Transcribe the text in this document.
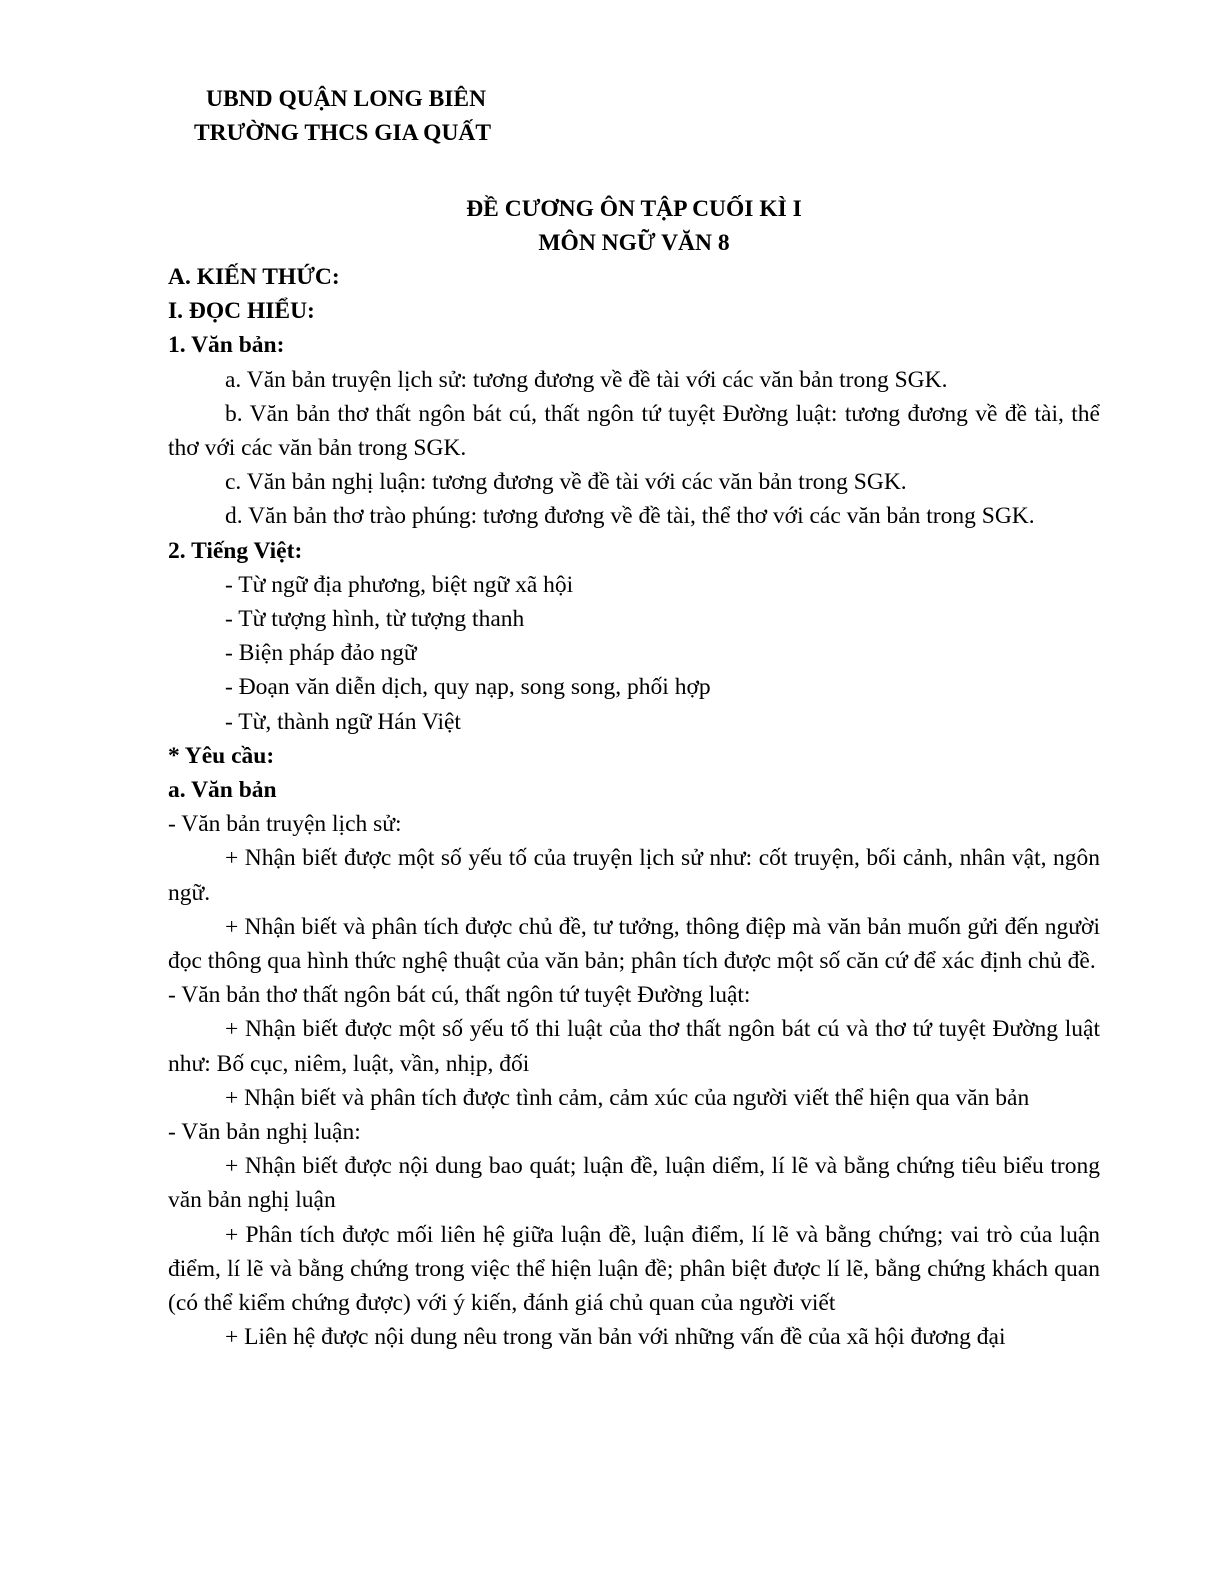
UBND QUẬN LONG BIÊN
TRƯỜNG THCS GIA QUẤT
ĐỀ CƯƠNG ÔN TẬP CUỐI KÌ I
MÔN NGỮ VĂN 8
A. KIẾN THỨC:
I. ĐỌC HIỂU:
1. Văn bản:

a. Văn bản truyện lịch sử: tương đương về đề tài với các văn bản trong SGK.

b. Văn bản thơ thất ngôn bát cú, thất ngôn tứ tuyệt Đường luật: tương đương về đề tài, thể thơ với các văn bản trong SGK.

c. Văn bản nghị luận: tương đương về đề tài với các văn bản trong SGK.

d. Văn bản thơ trào phúng: tương đương về đề tài, thể thơ với các văn bản trong SGK.

2. Tiếng Việt:
- Từ ngữ địa phương, biệt ngữ xã hội
- Từ tượng hình, từ tượng thanh
- Biện pháp đảo ngữ
- Đoạn văn diễn dịch, quy nạp, song song, phối hợp
- Từ, thành ngữ Hán Việt
* Yêu cầu:
a. Văn bản
- Văn bản truyện lịch sử:

+ Nhận biết được một số yếu tố của truyện lịch sử như: cốt truyện, bối cảnh, nhân vật, ngôn ngữ.

+ Nhận biết và phân tích được chủ đề, tư tưởng, thông điệp mà văn bản muốn gửi đến người đọc thông qua hình thức nghệ thuật của văn bản; phân tích được một số căn cứ để xác định chủ đề.

- Văn bản thơ thất ngôn bát cú, thất ngôn tứ tuyệt Đường luật:

+ Nhận biết được một số yếu tố thi luật của thơ thất ngôn bát cú và thơ tứ tuyệt Đường luật như: Bố cục, niêm, luật, vần, nhịp, đối

+ Nhận biết và phân tích được tình cảm, cảm xúc của người viết thể hiện qua văn bản

- Văn bản nghị luận:

+ Nhận biết được nội dung bao quát; luận đề, luận diểm, lí lẽ và bằng chứng tiêu biểu trong văn bản nghị luận

+ Phân tích được mối liên hệ giữa luận đề, luận điểm, lí lẽ và bằng chứng; vai trò của luận điểm, lí lẽ và bằng chứng trong việc thể hiện luận đề; phân biệt được lí lẽ, bằng chứng khách quan (có thể kiểm chứng được) với ý kiến, đánh giá chủ quan của người viết

+ Liên hệ được nội dung nêu trong văn bản với những vấn đề của xã hội đương đại
